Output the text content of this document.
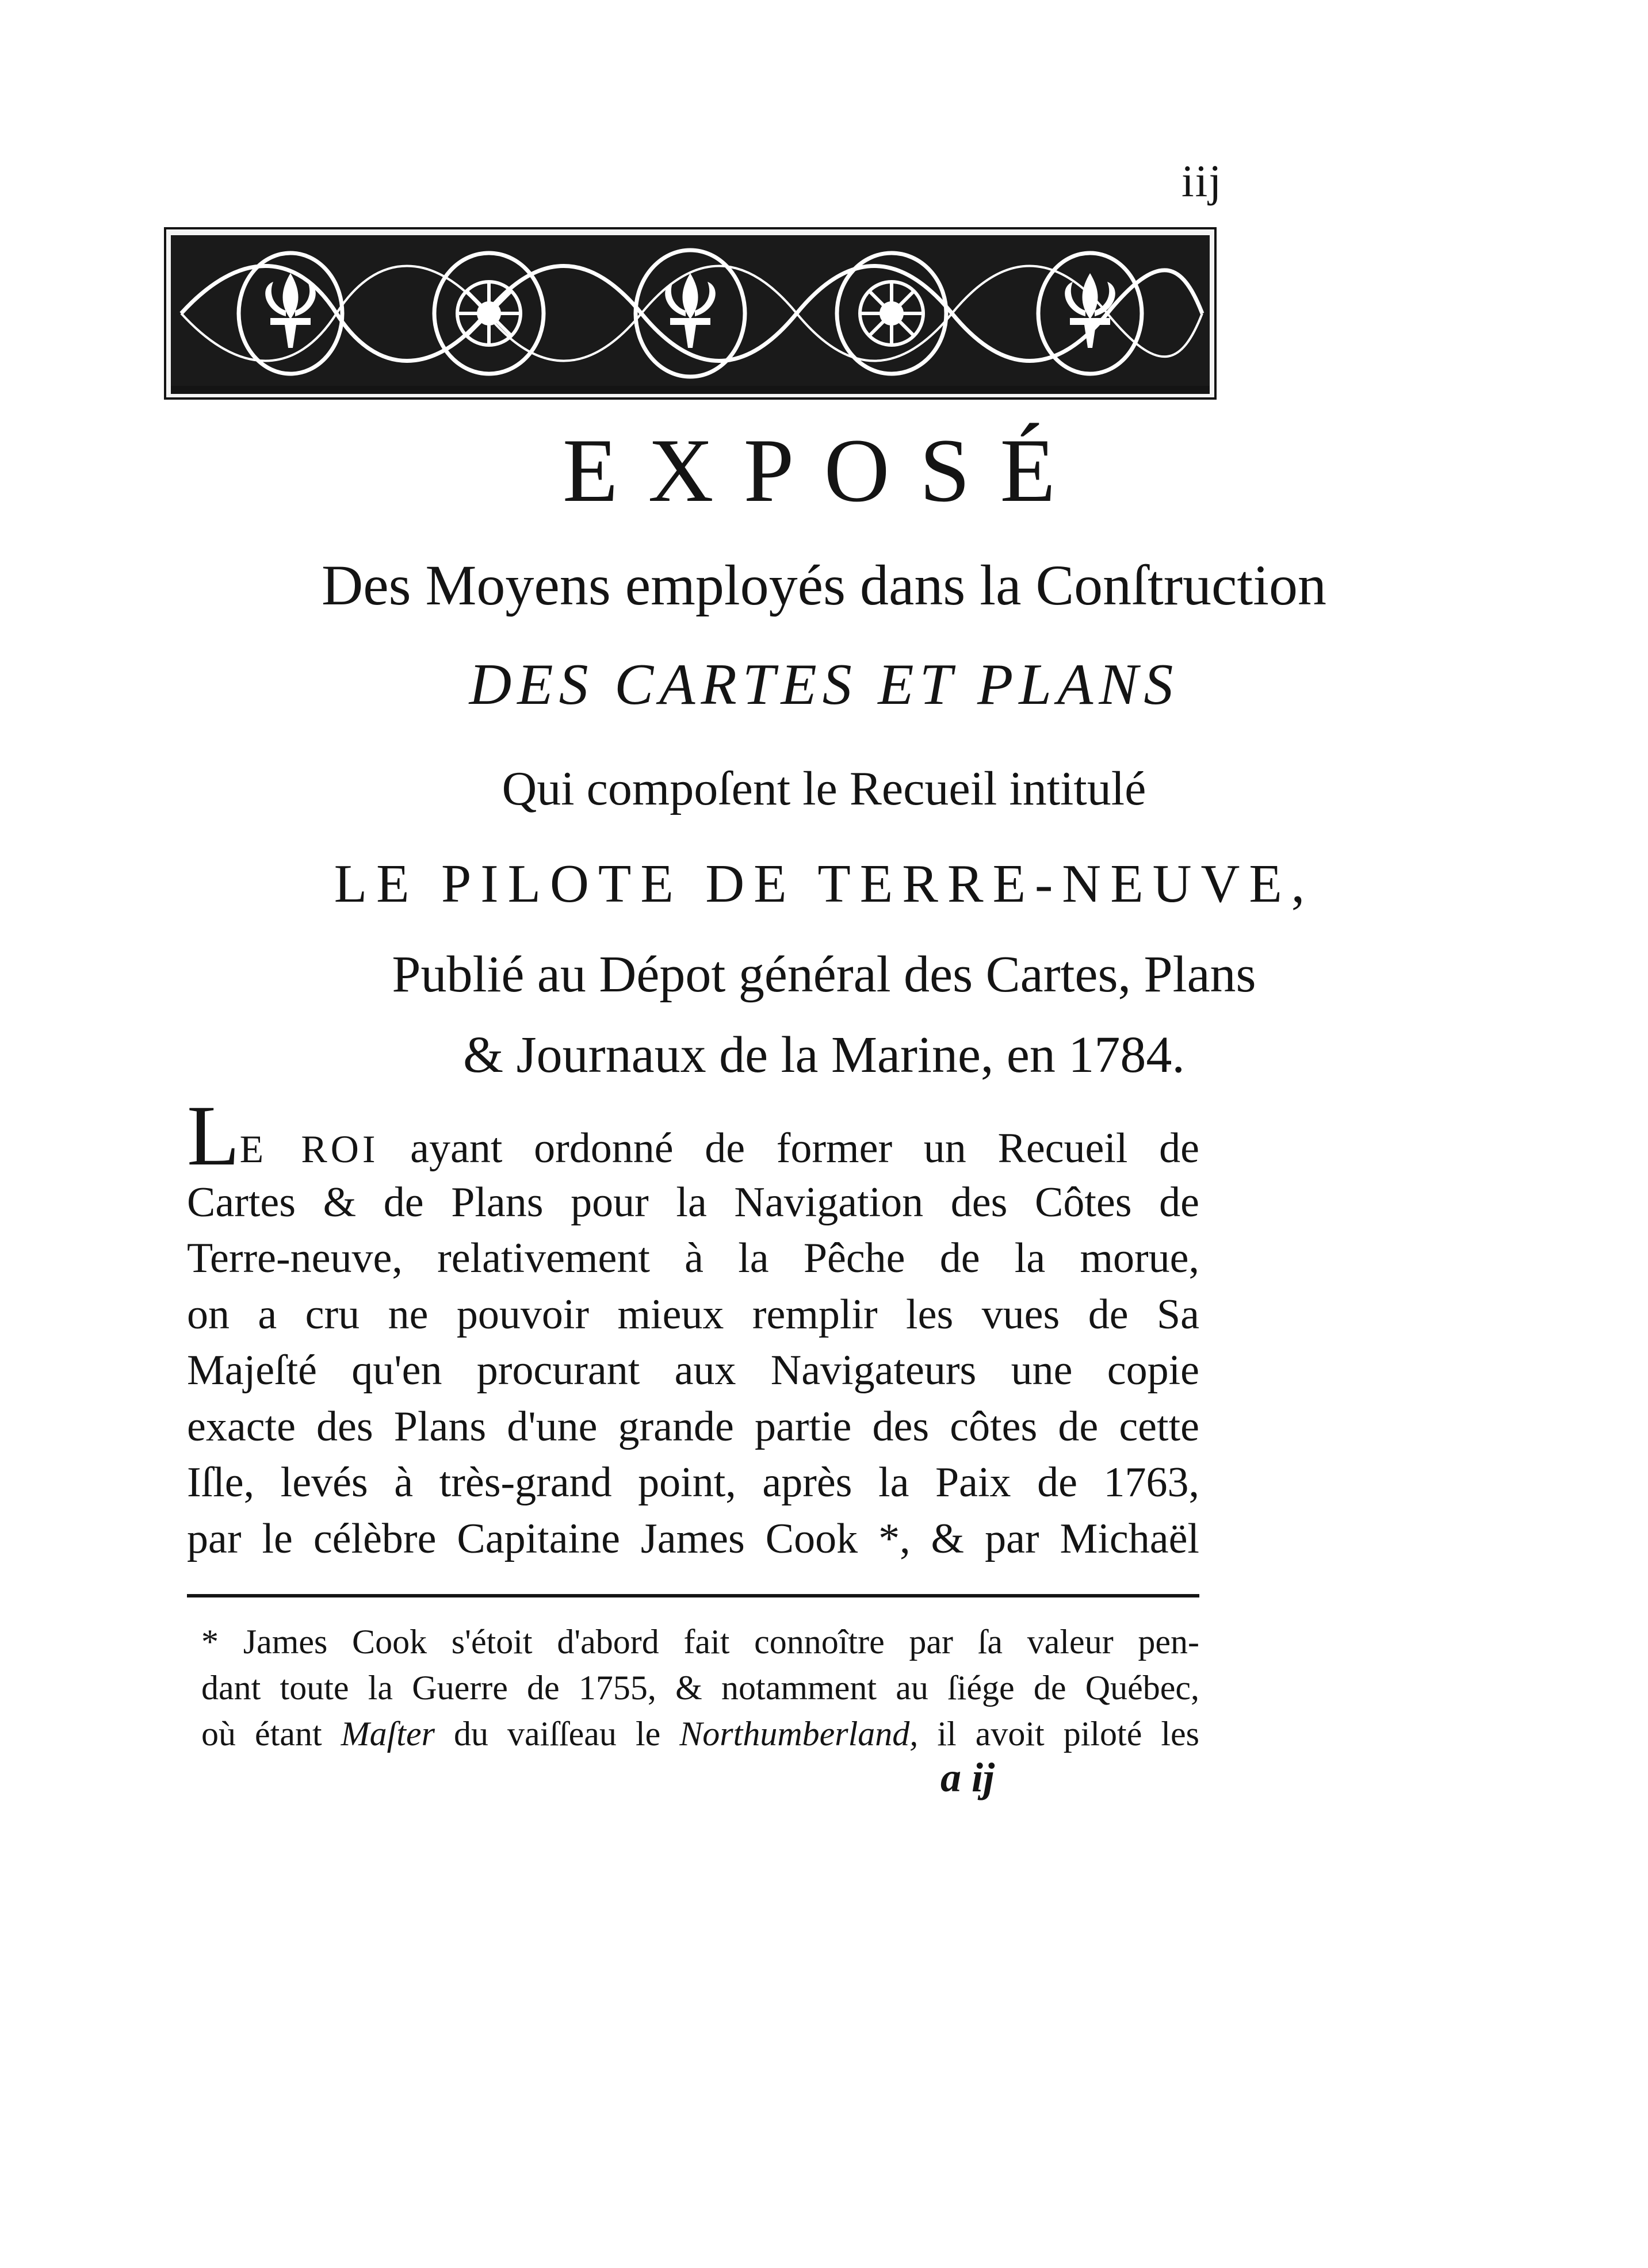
iij
EXPOSÉ
Des Moyens employés dans la Conſtruction
DES CARTES ET PLANS
Qui compoſent le Recueil intitulé
LE PILOTE DE TERRE-NEUVE,
Publié au Dépot général des Cartes, Plans
& Journaux de la Marine, en 1784.
LE ROI ayant ordonné de former un Recueil de
Cartes & de Plans pour la Navigation des Côtes de
Terre-neuve, relativement à la Pêche de la morue,
on a cru ne pouvoir mieux remplir les vues de Sa
Majeſté qu'en procurant aux Navigateurs une copie
exacte des Plans d'une grande partie des côtes de cette
Iſle, levés à très-grand point, après la Paix de 1763,
par le célèbre Capitaine James Cook *, & par Michaël
* James Cook s'étoit d'abord fait connoître par ſa valeur pen-
dant toute la Guerre de 1755, & notamment au ſiége de Québec,
où étant Maſter du vaiſſeau le Northumberland, il avoit piloté les
a ij
